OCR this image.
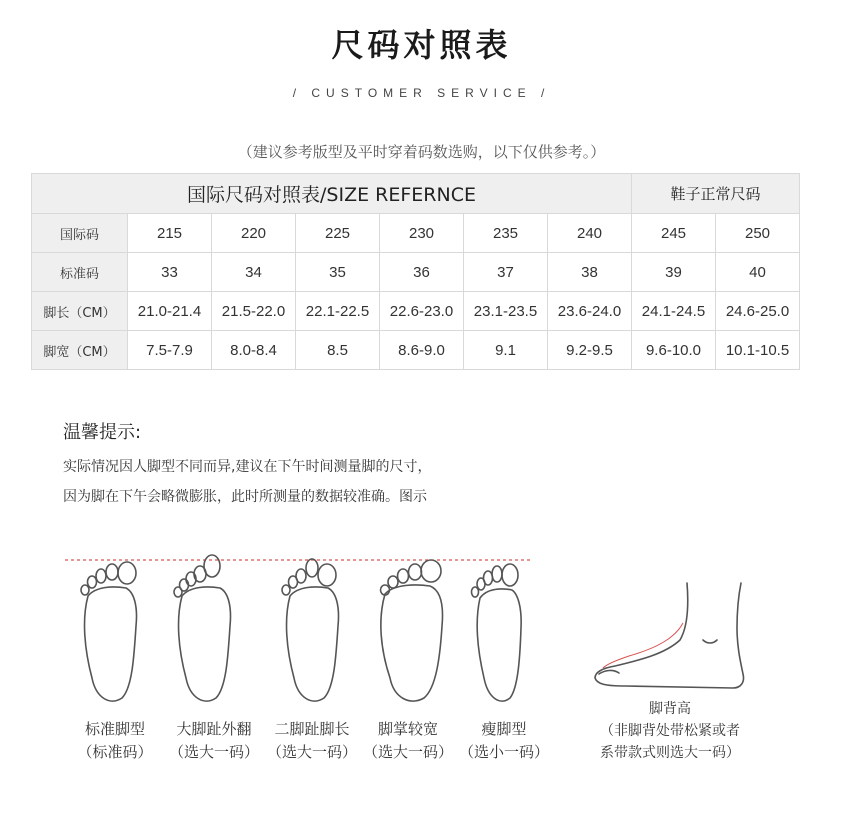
尺码对照表
/ CUSTOMER SERVICE /
（建议参考版型及平时穿着码数选购，以下仅供参考。）
国际尺码对照表/SIZE REFERNCE							鞋子正常尺码	
国际码	215	220	225	230	235	240	245	250
标准码	33	34	35	36	37	38	39	40
脚长（CM）	21.0-21.4	21.5-22.0	22.1-22.5	22.6-23.0	23.1-23.5	23.6-24.0	24.1-24.5	24.6-25.0
脚宽（CM）	7.5-7.9	8.0-8.4	8.5	8.6-9.0	9.1	9.2-9.5	9.6-10.0	10.1-10.5
温馨提示:
实际情况因人脚型不同而异,建议在下午时间测量脚的尺寸，
因为脚在下午会略微膨胀，此时所测量的数据较准确。图示
标准脚型
（标准码）
大脚趾外翻
（选大一码）
二脚趾脚长
（选大一码）
脚掌较宽
（选大一码）
瘦脚型
（选小一码）
脚背高
（非脚背处带松紧或者
系带款式则选大一码）
